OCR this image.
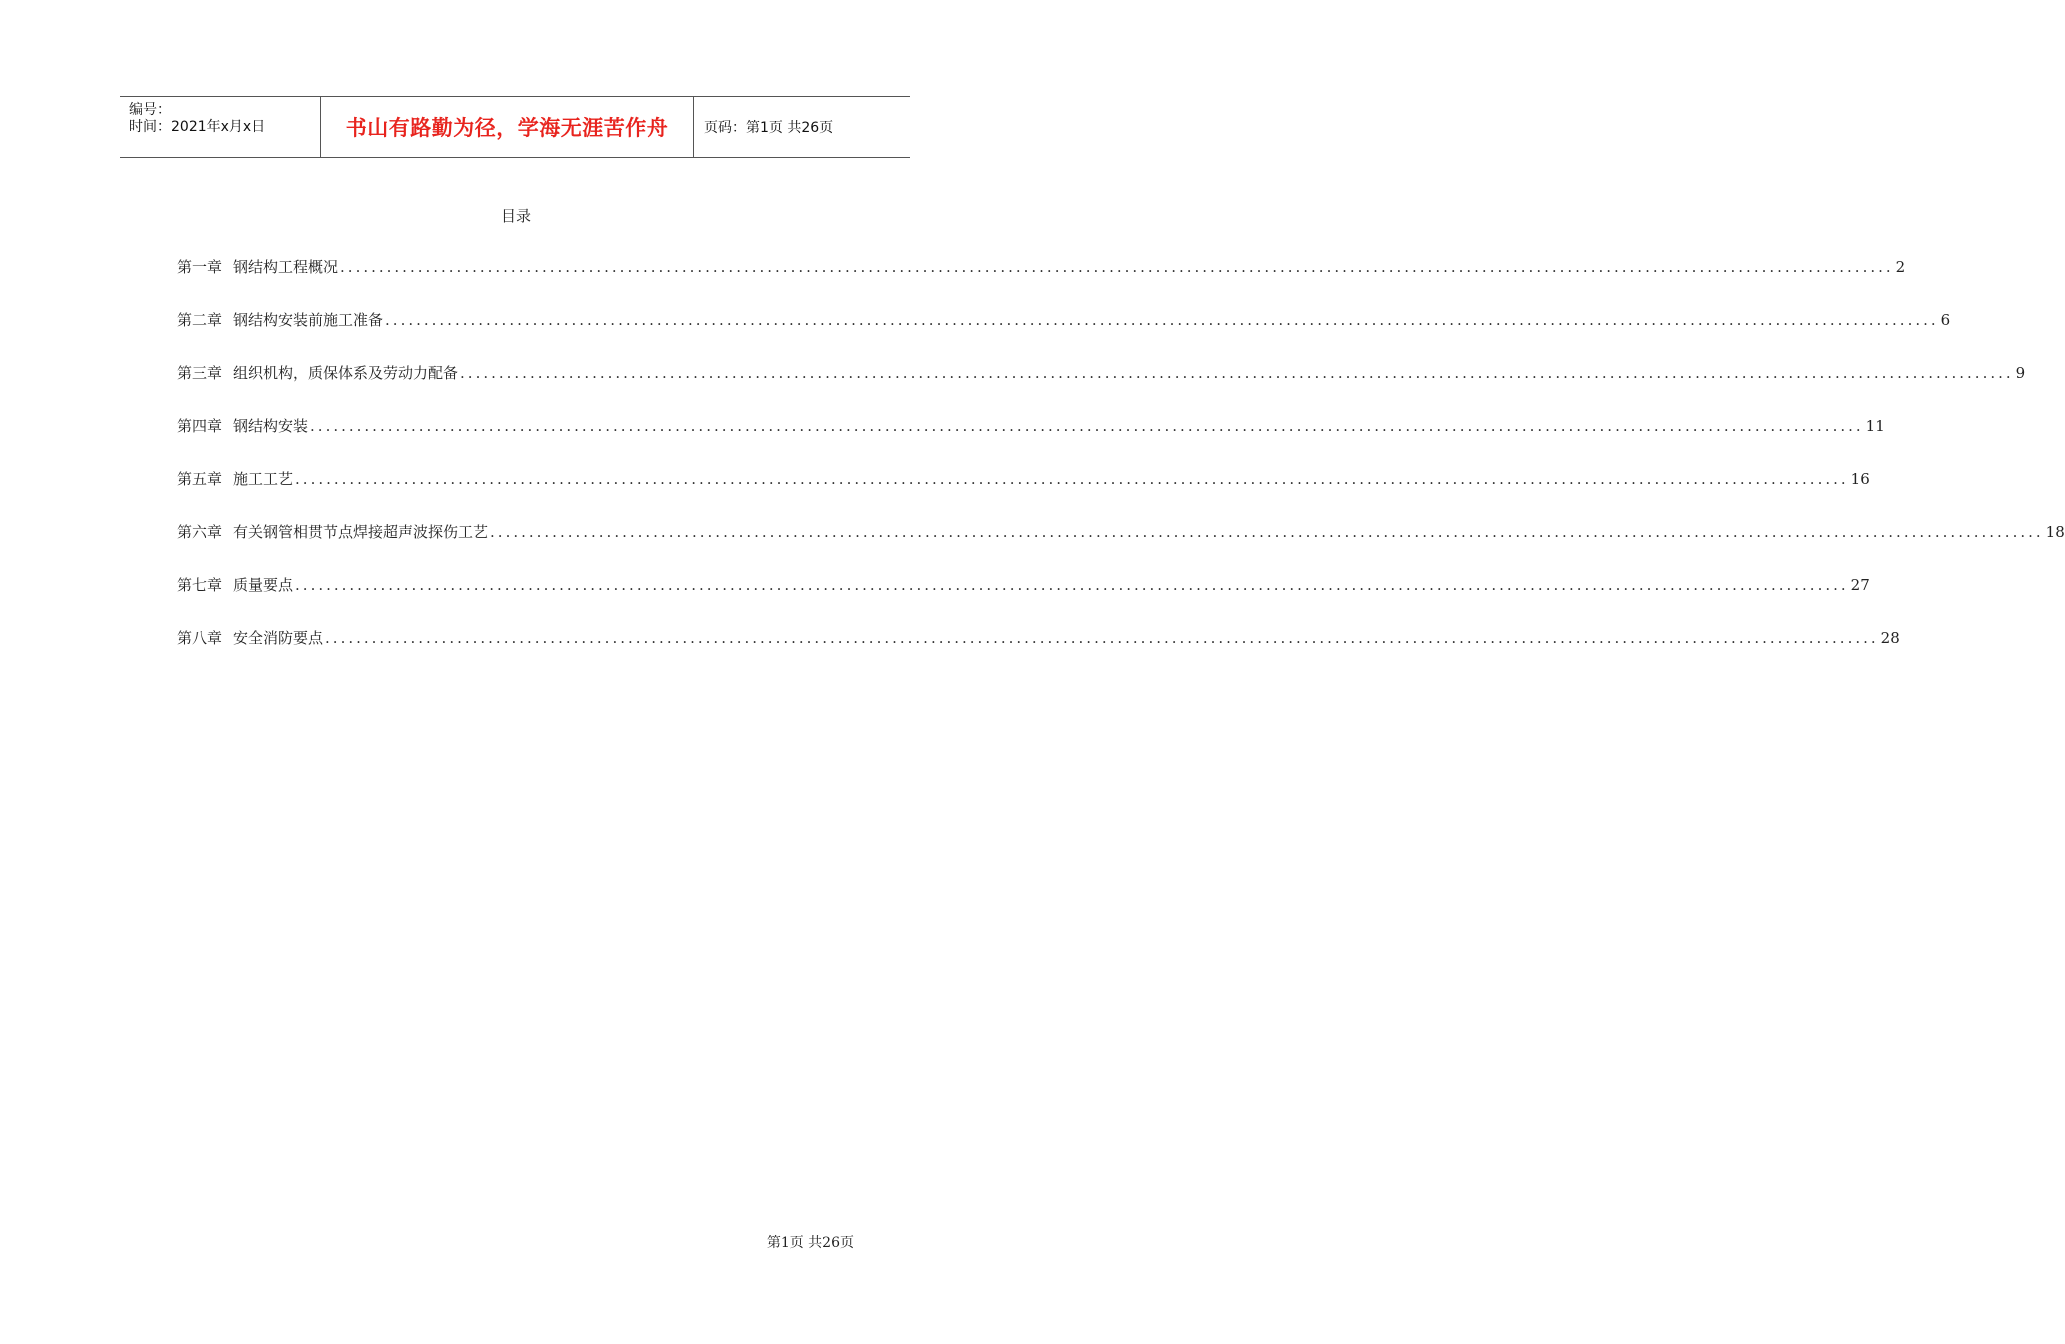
编号：
时间：2021年x月x日	书山有路勤为径，学海无涯苦作舟	页码：第1页 共26页
目录
第一章 钢结构工程概况 ........................................................................................................................................................................................................ 2
第二章 钢结构安装前施工准备 ........................................................................................................................................................................................................ 6
第三章 组织机构，质保体系及劳动力配备 ........................................................................................................................................................................................................ 9
第四章 钢结构安装 ........................................................................................................................................................................................................ 11
第五章 施工工艺 ........................................................................................................................................................................................................ 16
第六章 有关钢管相贯节点焊接超声波探伤工艺 ........................................................................................................................................................................................................ 18
第七章 质量要点 ........................................................................................................................................................................................................ 27
第八章 安全消防要点 ........................................................................................................................................................................................................ 28
第1页 共26页
